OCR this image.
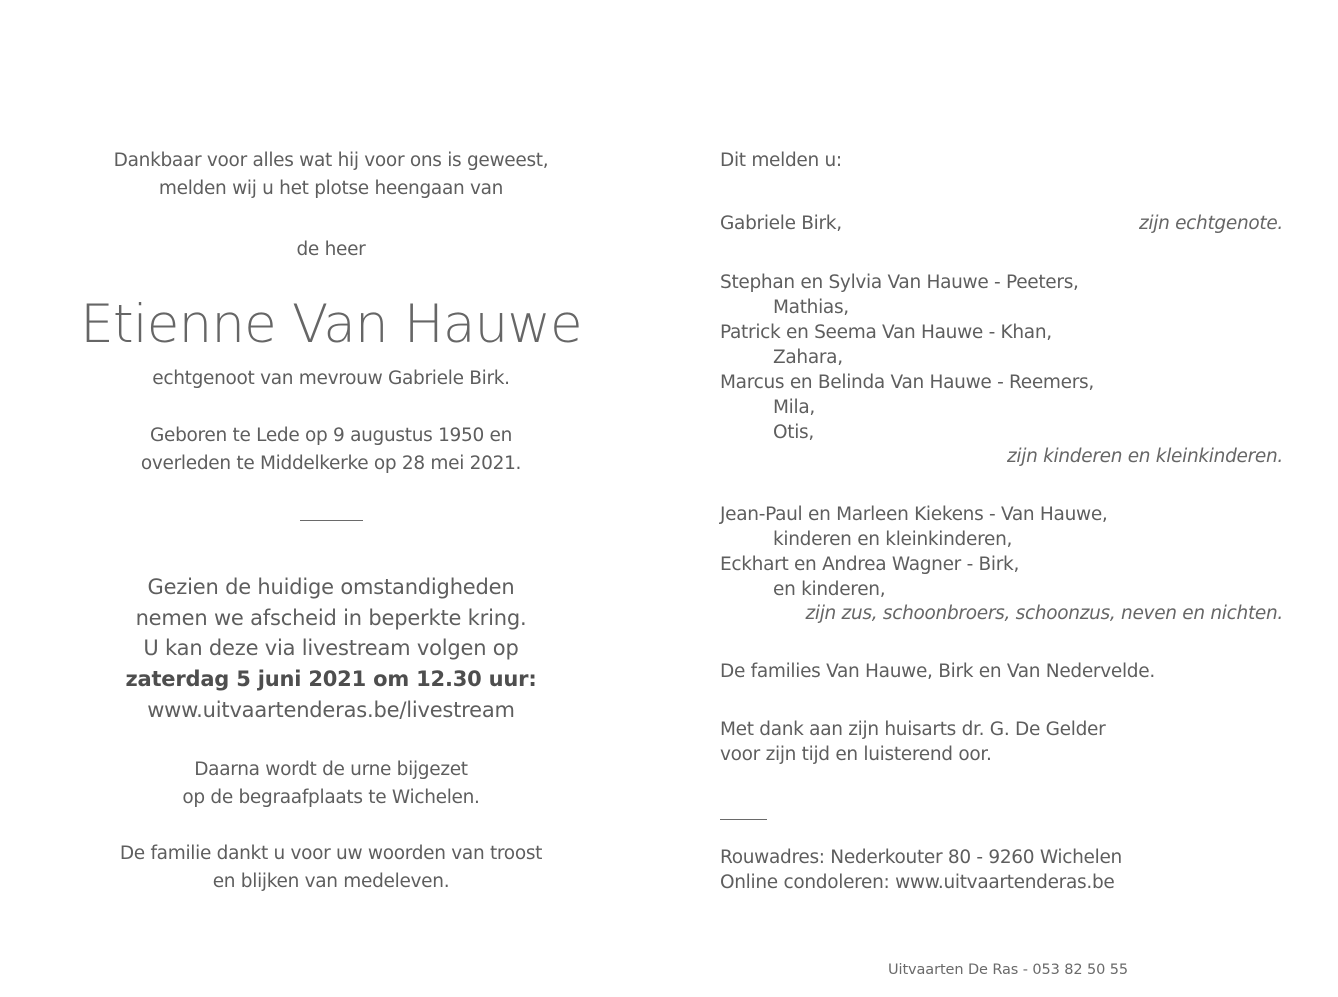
Dankbaar voor alles wat hij voor ons is geweest,
melden wij u het plotse heengaan van
de heer
Etienne Van Hauwe
echtgenoot van mevrouw Gabriele Birk.
Geboren te Lede op 9 augustus 1950 en
overleden te Middelkerke op 28 mei 2021.
Gezien de huidige omstandigheden
nemen we afscheid in beperkte kring.
U kan deze via livestream volgen op
zaterdag 5 juni 2021 om 12.30 uur:
www.uitvaartenderas.be/livestream
Daarna wordt de urne bijgezet
op de begraafplaats te Wichelen.
De familie dankt u voor uw woorden van troost
en blijken van medeleven.
Dit melden u:
Gabriele Birk,	zijn echtgenote.
Stephan en Sylvia Van Hauwe - Peeters,
Mathias,
Patrick en Seema Van Hauwe - Khan,
Zahara,
Marcus en Belinda Van Hauwe - Reemers,
Mila,
Otis,
zijn kinderen en kleinkinderen.
Jean-Paul en Marleen Kiekens - Van Hauwe,
kinderen en kleinkinderen,
Eckhart en Andrea Wagner - Birk,
en kinderen,
zijn zus, schoonbroers, schoonzus, neven en nichten.
De families Van Hauwe, Birk en Van Nedervelde.
Met dank aan zijn huisarts dr. G. De Gelder
voor zijn tijd en luisterend oor.
Rouwadres: Nederkouter 80 - 9260 Wichelen
Online condoleren: www.uitvaartenderas.be
Uitvaarten De Ras - 053 82 50 55
